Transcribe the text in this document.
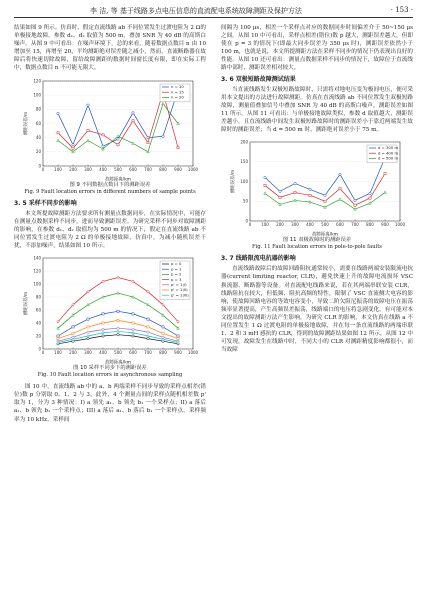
李 洁, 等 基于线路多点电压信息的直流配电系统故障测距及保护方法	· 153 ·

结果如图 9 所示。仿真时，假定直流线路 ab 不同位置发生过渡电阻为 2 Ω的单极接地故障，参数 d₁、d₂ 取值为 500 m，叠加 SNR 为 40 dB 的高斯白噪声。从图 9 中可看出：在噪声环境下，总的来看，随着数据点数目 n 由 10 增加至 15，再增至 20，平均测距绝对误差随之减小，然而，直流断路器在故障后将快速切除故障，留给故障测距的数据时间窗长度有限，即在实际工程中，数据点数目 n 不可能无限大。

0
20
40
60
80
100
120
0 100 200 300 400 500 600 700 800 900 1000
故障距离/km
测距误差/m
n = 10
n = 15
n = 20
图 9 不同数据点数目下的测距误差
Fig. 9 Fault location errors in different numbers of sample points
3. 5 采样不同步的影响

本文所提故障测距方法要求所有测量点数据同步，在实际情况中，可能存在测量点数据采样不同步，进而导致测距误差。为研究采样不同步对故障测距的影响，在参数 d₁、d₂ 取值均为 500 m 的情况下，假定在直流线路 ab 不同位置发生过渡电阻为 2 Ω 的单极接地故障，仿真中，为减小随机误差干扰，不添加噪声，结果如图 10 所示。

0
20
40
60
80
100
120
140
0 100 200 300 400 500 600 700 800 900 1000
故障距离/km
测距误差/m
p = 0
p = 1
p = 2
p = 3
p' = 1(I)
p' = 1(II)
p' = 1(III)
图 10 采样不同步下的测距误差
Fig. 10 Fault location errors in asynchronous sampling

图 10 中，直流线路 ab 中的 a、b 两端采样不同步导致的采样点相差(错位)数 p 分别取 0、1、2 与 3，此外，4 个测量点间的采样点随机相差数 p' 取为 1，分为 3 种情况：I) a 领先 a₁、b 领先 b₁ 一个采样点；II) a 落后 a₁、b 领先 b₁ 一个采样点；III) a 落后 a₁、b 落后 b₁ 一个采样点，采样频率为 10 kHz，采样间

间隔为 100 μs，相差一个采样点对应的数据同步时间偏差介于 50~150 μs 之间。从图 10 中可看出，采样点相差(错位)数 p 越大，测距误差越大，但即使在 p = 3 的情况下(即最大同步误差为 350 μs 时)，测距误差依然小于 100 m，也就是说，本文所提测距方法在采样不同步的情况下仍表现出良好的性能。从图 10 还可看出：测量点数据采样不同步的情况下，故障位于直流线路中部时，测距误差相对较大。

3. 6 双极短路故障测试结果

当直流线路发生双极短路故障时，只需将对地电压变为极间电压，便可采用本文提出的方法进行故障测距。仿真在直流线路 ab 不同位置发生双极短路故障，测量值叠加信号中叠加 SNR 为 40 dB 的高斯白噪声，测距误差如图 11 所示。从图 11 可看出：与单极接地故障类似，参数 d 取值越大，测距误差越小，且直流线路中间发生双极短路故障时的测距误差小于靠近两端发生故障时的测距误差；当 d = 500 m 时，测距绝对误差小于 75 m。

0
50
100
150
200
0 100 200 300 400 500 600 700 800 900 1000
故障距离/km
测距误差/m
d = 300 m
d = 400 m
d = 500 m
图 11 双极故障时的测距误差
Fig. 11 Fault location errors in pole-to-pole faults
3. 7 线路限流电抗器的影响

直流线路故障后的故障回路阻抗通常较小，需要在线路两端安装限流电抗器(current limiting reactor, CLR)，避免快速上升的故障电流损坏 VSC 换流器、断路器等设备。对直流配电线路来说，若在其两端串联安装 CLR，线路阻抗在较大，但低频、阻抗高频的特性，限制了 VSC 直流侧大电容的影响，使故障回路电容的等效电容变小，导致二阶欠阻尼振荡的故障电压在振荡频率显著提高，产生高频误差振荡，线路端口的电压将急剧变化，有可能对本文提出的故障测距方法产生影响。为研究 CLR 的影响，本文仿真在线路 a 不同位置发生 1 Ω 过渡电阻的单极接地故障，并在每一条直流线路的两端串联 1、2 和 3 mH 感抗的 CLR，得到的故障测距结果如图 12 所示，从图 12 中可发现，故障发生在线路中时，不同大小的 CLR 对测距精度影响都很小，而当故障
